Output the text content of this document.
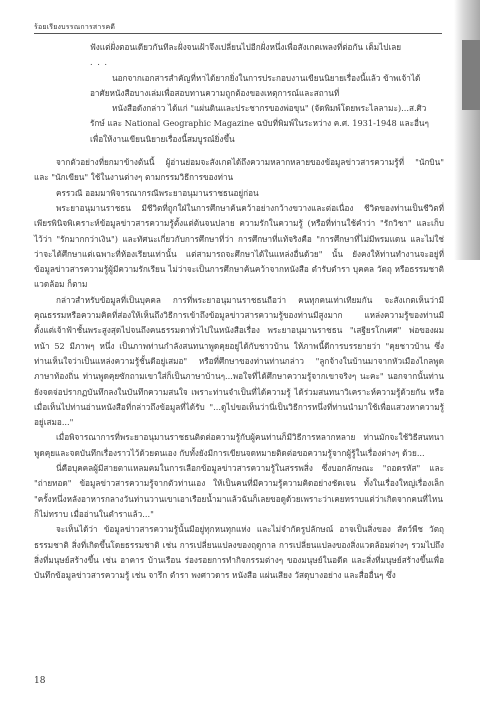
ร้อยเรียงบรรณการสารคดี

ฟังแต่ฝั่งตอนเดียวกันทีละฝั่งจนเฝ้าจึงเปลี่ยนไปอีกฝั่งหนึ่งเพื่อสังเกตเพลงที่ต่อกัน เต็มไปเลย

. . .

นอกจากเอกสารสำคัญที่หาได้ยากยิ่งในการประกอบงานเขียนนิยายเรื่องนี้แล้ว ข้าพเจ้าได้อาศัยหนังสือบางเล่มเพื่อสอบทานความถูกต้องของเหตุการณ์และสถานที่

หนังสือดังกล่าว ได้แก่ "แผ่นดินและประชากรของพ่อขุน" (จัดพิมพ์โดยพระไลลามะ)...ส.ศิวรักษ์ และ National Geographic Magazine ฉบับที่พิมพ์ในระหว่าง ค.ศ. 1931-1948 และอื่นๆ เพื่อให้งานเขียนนิยายเรื่องนี้สมบูรณ์ยิ่งขึ้น

จากตัวอย่างที่ยกมาข้างต้นนี้ ผู้อ่านย่อมจะสังเกตได้ถึงความหลากหลายของข้อมูลข่าวสารความรู้ที่ "นักบิน" และ "นักเขียน" ใช้ในงานต่างๆ ตามกรรมวิธีการของท่าน

ครรวณี ออมมาพิจารณากรณีพระยาอนุมานราชธนอยู่ก่อน

พระยาอนุมานราชธน มีชีวิตที่ถูกใฝ่ในการศึกษาค้นคว้าอย่างกว้างขวางและต่อเนื่อง ชีวิตของท่านเป็นชีวิตที่เพียรพินิจพิเคราะห์ข้อมูลข่าวสารความรู้ตั้งแต่ต้นจนปลาย ความรักในความรู้ (หรือที่ท่านใช้คำว่า "รักวิชา" และเก็บไว้ว่า "รักมากกว่าเงิน") และทัศนะเกี่ยวกับการศึกษาที่ว่า การศึกษาที่แท้จริงคือ "การศึกษาที่ไม่มีพรมแดน และไม่ใช่ว่าจะได้ศึกษาแต่เฉพาะที่ห้องเรียนเท่านั้น แต่สามารถจะศึกษาได้ในแหล่งอื่นด้วย" นั้น ยังคงให้ท่านทำงานจะอยู่ที่ข้อมูลข่าวสารความรู้ผู้มีความรักเรียน ไม่ว่าจะเป็นการศึกษาค้นคว้าจากหนังสือ ตำรับตำรา บุคคล วัตถุ หรือธรรมชาติแวดล้อม ก็ตาม

กล่าวสำหรับข้อมูลที่เป็นบุคคล การที่พระยาอนุมานราชธนถือว่า คนทุกคนเท่าเทียมกัน จะสังเกตเห็นว่ามีคุณธรรมหรือความคิดที่ส่องให้เห็นถึงวิธีการเข้าถึงข้อมูลข่าวสารความรู้ของท่านมีสูงมาก แหล่งความรู้ของท่านมีตั้งแต่เจ้าฟ้าชั้นพระสูงสุดไปจนถึงคนธรรมดาทั่วไปในหนังสือเรื่อง พระยาอนุมานราชธน "เสฐียรโกเศศ" พ่อของผม หน้า 52 มีภาพๆ หนึ่ง เป็นภาพท่านกำลังสนทนาพูดคุยอยู่ได้กับชาวบ้าน ให้ภาพนี้ดีการบรรยายว่า "คุยชาวบ้าน ซึ่งท่านเห็นใจว่าเป็นแหล่งความรู้ชั้นดีอยู่เสมอ" หรือที่ศึกษาของท่านท่านกล่าว "ลูกจ้างในบ้านมาจากหัวเมืองไกลพูดภาษาท้องถิ่น ท่านพูดคุยซักถามเขาใส่ก็เป็นภาษาบ้านๆ...พอใจที่ได้ศึกษาความรู้จากเขาจริงๆ นะคะ" นอกจากนั้นท่านยังจดจ่อปรากฏบันทึกลงในบันทึกความสนใจ เพราะท่านจำเป็นที่ได้ความรู้ ได้ร่วมสนทนาวิเคราะห์ความรู้ด้วยกัน หรือเมื่อเห็นไปท่านอ่านหนังสือที่กล่าวถึงข้อมูลที่ได้รับ "...ดูไปขอเห็นว่านี่เป็นวิธีการหนึ่งที่ท่านนำมาใช้เพื่อแสวงหาความรู้อยู่เสมอ..."

เมื่อพิจารณาการที่พระยาอนุมานราชธนติดต่อความรู้กับผู้คนท่านก็มีวิธีการหลากหลาย ท่านมักจะใช้วิธีสนทนาพูดคุยและจดบันทึกเรื่องราวไว้ด้วยตนเอง กับทั้งยังมีการเขียนจดหมายติดต่อขอความรู้จากผู้รู้ในเรื่องต่างๆ ด้วย...

นี่คือบุคคลผู้มีสายตาแหลมคมในการเลือกข้อมูลข่าวสารความรู้ในสรรพสิ่ง ซึ่งบอกลักษณะ "ถอดรหัส" และ "ถ่ายทอด" ข้อมูลข่าวสารความรู้จากตัวท่านเอง ให้เป็นคนที่มีความรู้ความคิดอย่างชัดเจน ทั้งในเรื่องใหญ่เรื่องเล็ก "ครั้งหนึ่งหลังอาหารกลางวันท่านวานเขาเอาเรือยน้ำมาแล้วฉันก็เลยขอดูด้วยเพราะว่าเคยทราบแต่ว่าเกิดจากคนที่ไหนก็ไม่ทราบ เมื่ออ่านในตำราแล้ว..."

จะเห็นได้ว่า ข้อมูลข่าวสารความรู้นั้นมีอยู่ทุกหนทุกแห่ง และไม่จำกัดรูปลักษณ์ อาจเป็นสิ่งของ สัตว์พืช วัตถุธรรมชาติ สิ่งที่เกิดขึ้นโดยธรรมชาติ เช่น การเปลี่ยนแปลงของฤดูกาล การเปลี่ยนแปลงของสิ่งแวดล้อมต่างๆ รวมไปถึงสิ่งที่มนุษย์สร้างขึ้น เช่น อาคาร บ้านเรือน ร่องรอยการทำกิจกรรมต่างๆ ของมนุษย์ในอดีต และสิ่งที่มนุษย์สร้างขึ้นเพื่อบันทึกข้อมูลข่าวสารความรู้ เช่น จารึก ตำรา พงศาวดาร หนังสือ แผ่นเสียง วัสดุบางอย่าง และสื่ออื่นๆ ซึ่ง

18
